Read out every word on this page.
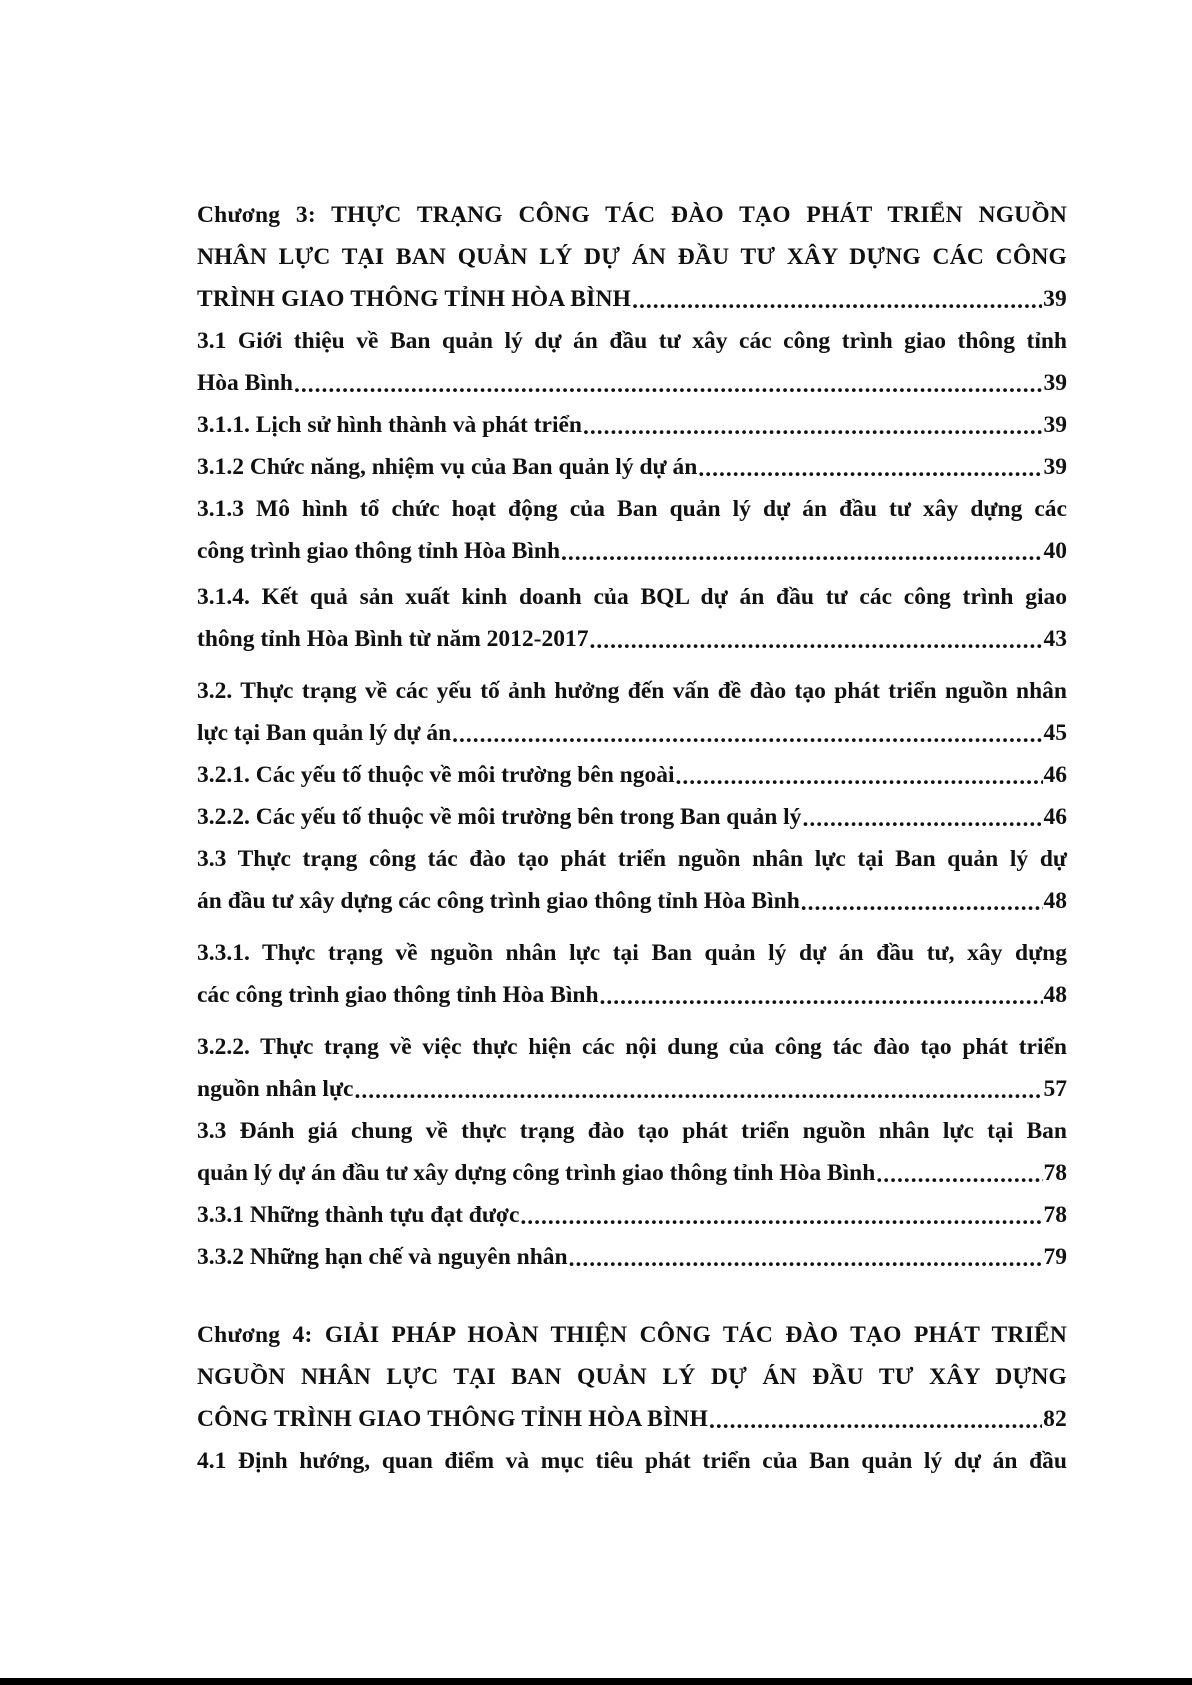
Chương 3: THỰC TRẠNG CÔNG TÁC ĐÀO TẠO PHÁT TRIỂN NGUỒN
NHÂN LỰC TẠI BAN QUẢN LÝ DỰ ÁN ĐẦU TƯ XÂY DỰNG CÁC CÔNG
TRÌNH GIAO THÔNG TỈNH HÒA BÌNH .....	39
3.1 Giới thiệu về Ban quản lý dự án đầu tư xây các công trình giao thông tỉnh
Hòa Bình .....	39
3.1.1. Lịch sử hình thành và phát triển .....	39
3.1.2 Chức năng, nhiệm vụ của Ban quản lý dự án .....	39
3.1.3 Mô hình tổ chức hoạt động của Ban quản lý dự án đầu tư xây dựng các
công trình giao thông tỉnh Hòa Bình .....	40
3.1.4. Kết quả sản xuất kinh doanh của BQL dự án đầu tư các công trình giao
thông tỉnh Hòa Bình từ năm 2012-2017 .....	43
3.2. Thực trạng về các yếu tố ảnh hưởng đến vấn đề đào tạo phát triển nguồn nhân
lực tại Ban quản lý dự án .....	45
3.2.1. Các yếu tố thuộc về môi trường bên ngoài .....	46
3.2.2. Các yếu tố thuộc về môi trường bên trong Ban quản lý .....	46
3.3 Thực trạng công tác đào tạo phát triển nguồn nhân lực tại Ban quản lý dự
án đầu tư xây dựng các công trình giao thông tỉnh Hòa Bình .....	48
3.3.1. Thực trạng về nguồn nhân lực tại Ban quản lý dự án đầu tư, xây dựng
các công trình giao thông tỉnh Hòa Bình .....	48
3.2.2. Thực trạng về việc thực hiện các nội dung của công tác đào tạo phát triển
nguồn nhân lực .....	57
3.3 Đánh giá chung về thực trạng đào tạo phát triển nguồn nhân lực tại Ban
quản lý dự án đầu tư xây dựng công trình giao thông tỉnh Hòa Bình .....	78
3.3.1 Những thành tựu đạt được .....	78
3.3.2 Những hạn chế và nguyên nhân .....	79
Chương 4: GIẢI PHÁP HOÀN THIỆN CÔNG TÁC ĐÀO TẠO PHÁT TRIỂN
NGUỒN NHÂN LỰC TẠI BAN QUẢN LÝ DỰ ÁN ĐẦU TƯ XÂY DỰNG
CÔNG TRÌNH GIAO THÔNG TỈNH HÒA BÌNH .....	82
4.1 Định hướng, quan điểm và mục tiêu phát triển của Ban quản lý dự án đầu
